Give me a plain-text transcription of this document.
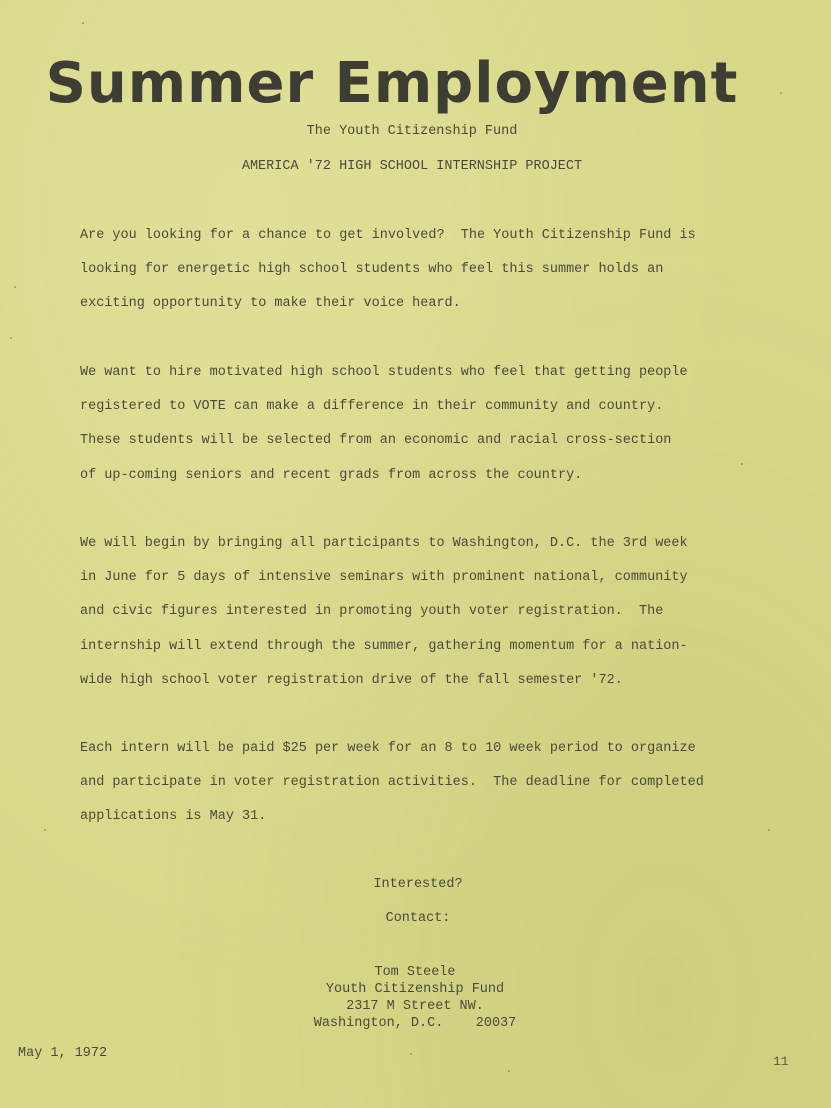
Summer Employment
The Youth Citizenship Fund
AMERICA '72 HIGH SCHOOL INTERNSHIP PROJECT
Are you looking for a chance to get involved?  The Youth Citizenship Fund is
looking for energetic high school students who feel this summer holds an
exciting opportunity to make their voice heard.
We want to hire motivated high school students who feel that getting people
registered to VOTE can make a difference in their community and country.
These students will be selected from an economic and racial cross-section
of up-coming seniors and recent grads from across the country.
We will begin by bringing all participants to Washington, D.C. the 3rd week
in June for 5 days of intensive seminars with prominent national, community
and civic figures interested in promoting youth voter registration.  The
internship will extend through the summer, gathering momentum for a nation-
wide high school voter registration drive of the fall semester '72.
Each intern will be paid $25 per week for an 8 to 10 week period to organize
and participate in voter registration activities.  The deadline for completed
applications is May 31.
Interested?
Contact:
Tom Steele
Youth Citizenship Fund
2317 M Street NW.
Washington, D.C.    20037
May 1, 1972
11
